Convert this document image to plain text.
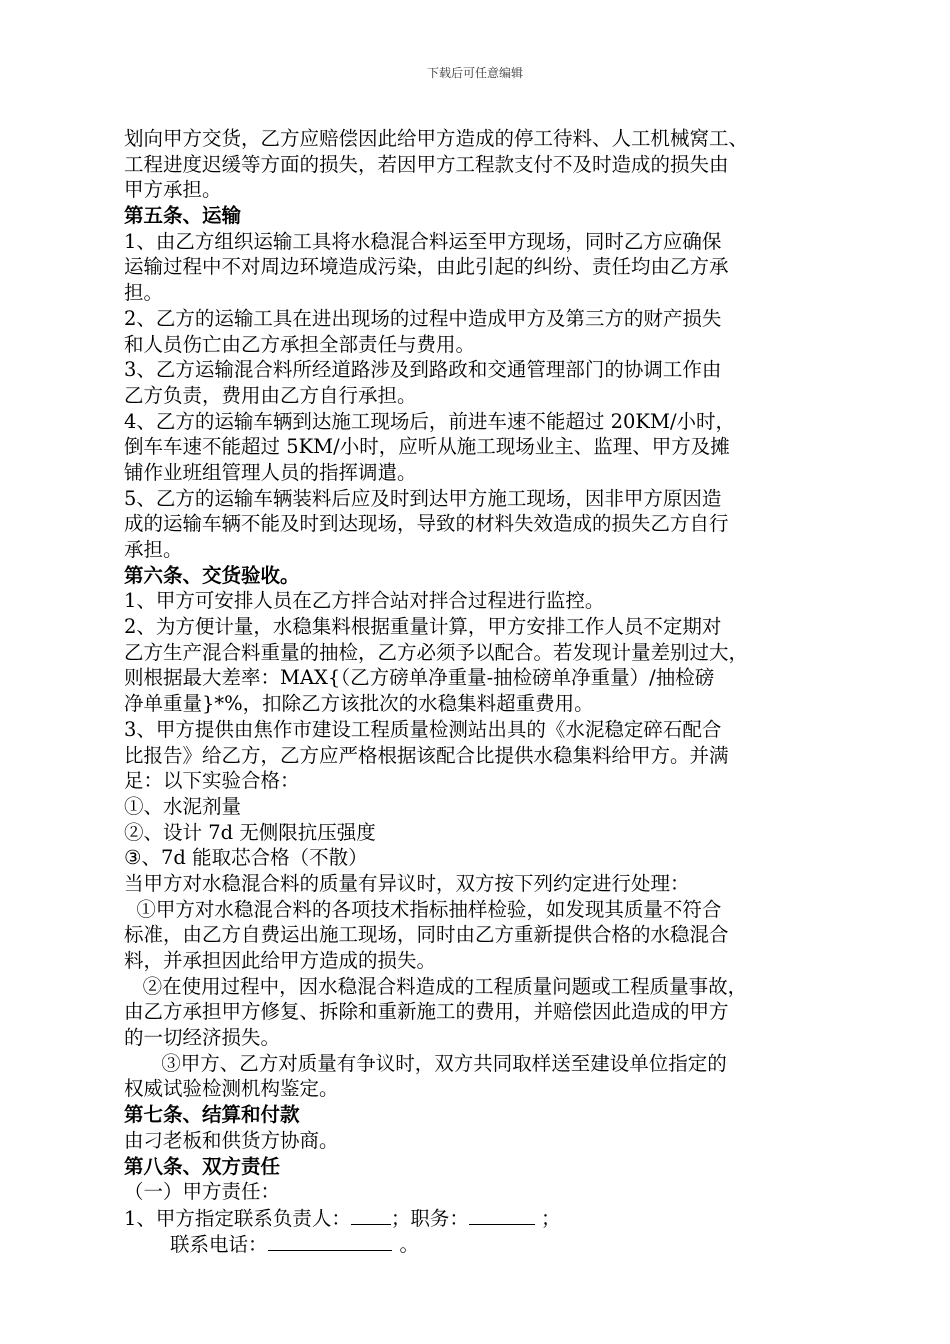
下载后可任意编辑
划向甲方交货，乙方应赔偿因此给甲方造成的停工待料、人工机械窝工、
工程进度迟缓等方面的损失，若因甲方工程款支付不及时造成的损失由
甲方承担。
第五条、运输
1、由乙方组织运输工具将水稳混合料运至甲方现场，同时乙方应确保
运输过程中不对周边环境造成污染，由此引起的纠纷、责任均由乙方承
担。
2、乙方的运输工具在进出现场的过程中造成甲方及第三方的财产损失
和人员伤亡由乙方承担全部责任与费用。
3、乙方运输混合料所经道路涉及到路政和交通管理部门的协调工作由
乙方负责，费用由乙方自行承担。
4、乙方的运输车辆到达施工现场后，前进车速不能超过 20KM/小时，
倒车车速不能超过 5KM/小时，应听从施工现场业主、监理、甲方及摊
铺作业班组管理人员的指挥调遣。
5、乙方的运输车辆装料后应及时到达甲方施工现场，因非甲方原因造
成的运输车辆不能及时到达现场，导致的材料失效造成的损失乙方自行
承担。
第六条、交货验收。
1、甲方可安排人员在乙方拌合站对拌合过程进行监控。
2、为方便计量，水稳集料根据重量计算，甲方安排工作人员不定期对
乙方生产混合料重量的抽检，乙方必须予以配合。若发现计量差别过大，
则根据最大差率：MAX{（乙方磅单净重量-抽检磅单净重量）/抽检磅
净单重量}*%，扣除乙方该批次的水稳集料超重费用。
3、甲方提供由焦作市建设工程质量检测站出具的《水泥稳定碎石配合
比报告》给乙方，乙方应严格根据该配合比提供水稳集料给甲方。并满
足：以下实验合格：
①、水泥剂量
②、设计 7d 无侧限抗压强度
③、7d 能取芯合格（不散）
当甲方对水稳混合料的质量有异议时，双方按下列约定进行处理：
①甲方对水稳混合料的各项技术指标抽样检验，如发现其质量不符合
标准，由乙方自费运出施工现场，同时由乙方重新提供合格的水稳混合
料，并承担因此给甲方造成的损失。
②在使用过程中，因水稳混合料造成的工程质量问题或工程质量事故，
由乙方承担甲方修复、拆除和重新施工的费用，并赔偿因此造成的甲方
的一切经济损失。
③甲方、乙方对质量有争议时，双方共同取样送至建设单位指定的
权威试验检测机构鉴定。
第七条、结算和付款
由刁老板和供货方协商。
第八条、双方责任
（一）甲方责任：
1、甲方指定联系负责人： ；职务：	；
联系电话：	。
